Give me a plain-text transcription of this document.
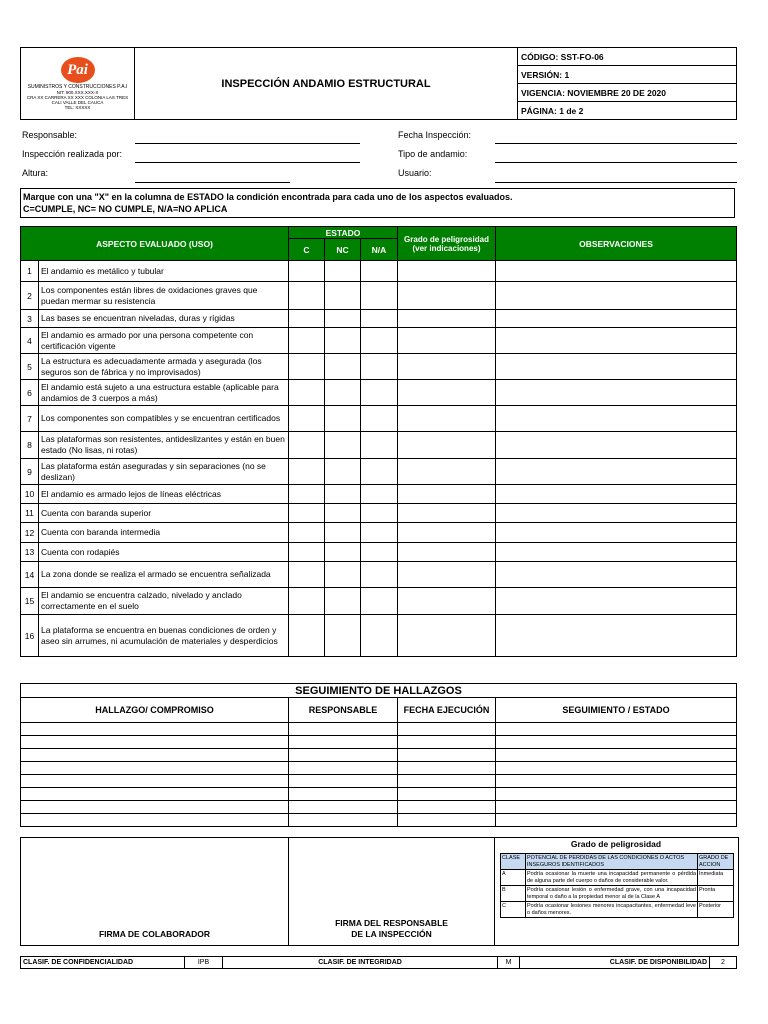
Pai
SUMINISTROS Y CONSTRUCCIONES P.A.I
NIT: 900.XXX.XXX-X
CRA XX CARRERA XX XXX COLONIA LAS TRES
CALI VALLE DEL CAUCA
TEL: XXXXX
	INSPECCIÓN ANDAMIO ESTRUCTURAL	CÓDIGO: SST-FO-06
VERSIÓN: 1
VIGENCIA: NOVIEMBRE 20 DE 2020
PÁGINA: 1 de 2
Responsable:
Inspección realizada por:
Altura:
Fecha Inspección:
Tipo de andamio:
Usuario:
Marque con una "X" en la columna de ESTADO la condición encontrada para cada uno de los aspectos evaluados.
C=CUMPLE, NC= NO CUMPLE, N/A=NO APLICA
ASPECTO EVALUADO (USO)		ESTADO			Grado de peligrosidad (ver indicaciones)	OBSERVACIONES
		C	NC	N/A		
1	El andamio es metálico y tubular					
2	Los componentes están libres de oxidaciones graves que puedan mermar su resistencia					
3	Las bases se encuentran niveladas, duras y rígidas					
4	El andamio es armado por una persona competente con certificación vigente					
5	La estructura es adecuadamente armada y asegurada (los seguros son de fábrica y no improvisados)					
6	El andamio está sujeto a una estructura estable (aplicable para andamios de 3 cuerpos a más)					
7	Los componentes son compatibles y se encuentran certificados					
8	Las plataformas son resistentes, antideslizantes y están en buen estado (No lisas, ni rotas)					
9	Las plataforma están aseguradas y sin separaciones (no se deslizan)					
10	El andamio es armado lejos de líneas eléctricas					
11	Cuenta con baranda superior					
12	Cuenta con baranda intermedia					
13	Cuenta con rodapiés					
14	La zona donde se realiza el armado se encuentra señalizada					
15	El andamio se encuentra calzado, nivelado y anclado correctamente en el suelo					
16	La plataforma se encuentra en buenas condiciones de orden y aseo sin arrumes, ni acumulación de materiales y desperdicios					
SEGUIMIENTO DE HALLAZGOS			
HALLAZGO/ COMPROMISO	RESPONSABLE	FECHA EJECUCIÓN	SEGUIMIENTO / ESTADO

FIRMA DE COLABORADOR
FIRMA DEL RESPONSABLE
DE LA INSPECCIÓN
Grado de peligrosidad
CLASE	POTENCIAL DE PERDIDAS DE LAS CONDICIONES O ACTOS INSEGUROS IDENTIFICADOS	GRADO DE ACCION
A	Podría ocasionar la muerte una incapacidad permanente o pérdida de alguna parte del cuerpo o daños de considerable valor.	Inmediata
B	Podría ocasionar lesión o enfermedad grave, con una incapacidad temporal o daño a la propiedad menor al de la Clase A	Pronta
C	Podría ocasionar lesiones menores incapacitantes, enfermedad leve o daños menores.	Posterior
CLASIF. DE CONFIDENCIALIDAD	IPB	CLASIF. DE INTEGRIDAD	M	CLASIF. DE DISPONIBILIDAD	2
